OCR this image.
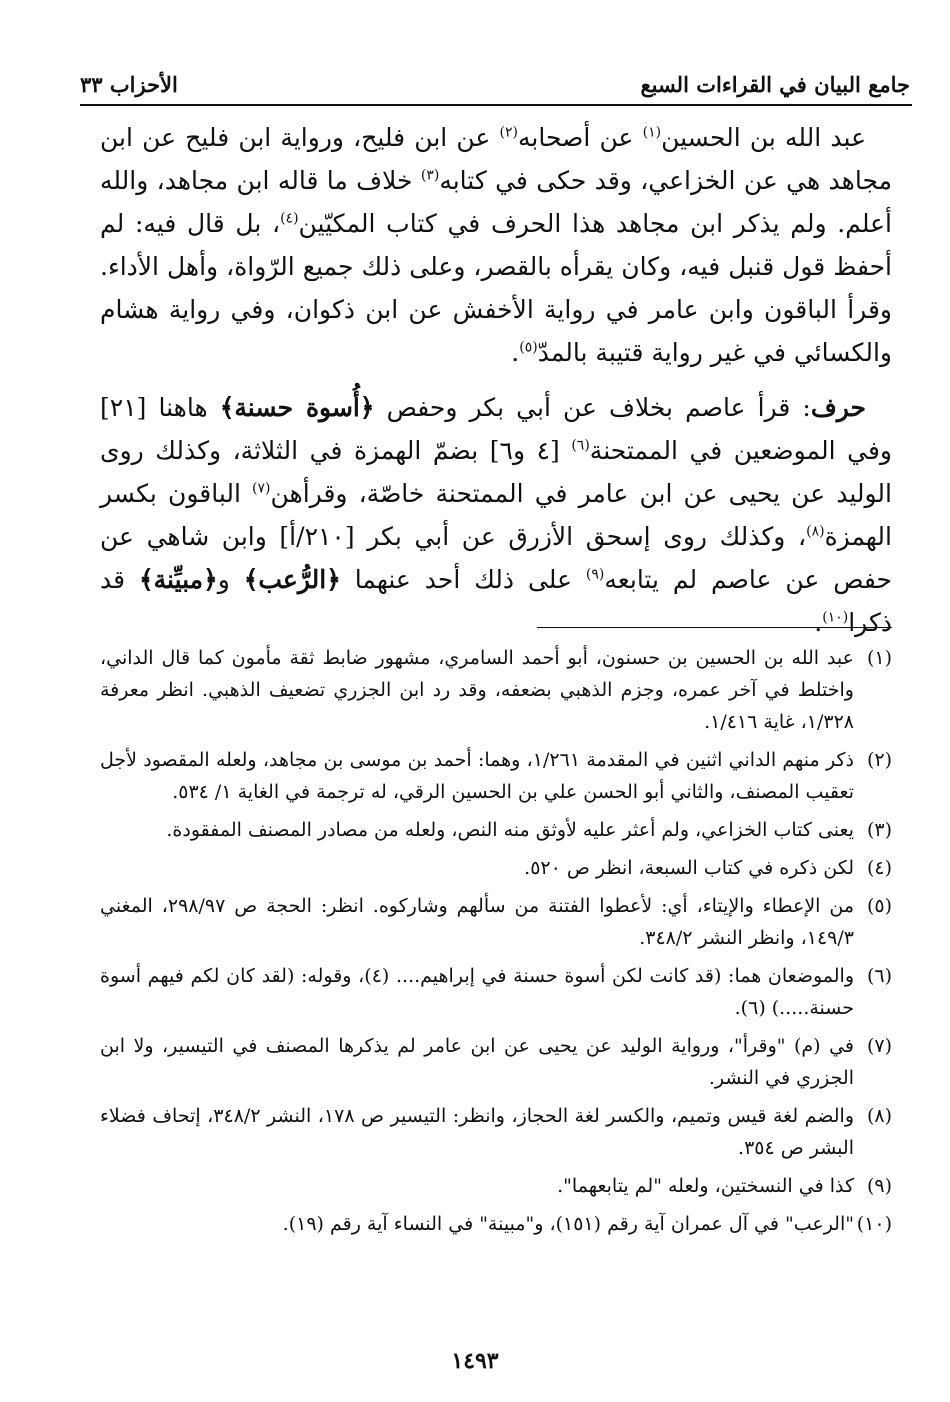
جامع البيان في القراءات السبع
الأحزاب ٣٣

عبد الله بن الحسين$^{(١)}$ عن أصحابه$^{(٢)}$ عن ابن فليح، ورواية ابن فليح عن ابن مجاهد هي عن الخزاعي، وقد حكى في كتابه$^{(٣)}$ خلاف ما قاله ابن مجاهد، والله أعلم. ولم يذكر ابن مجاهد هذا الحرف في كتاب المكيّين$^{(٤)}$، بل قال فيه: لم أحفظ قول قنبل فيه، وكان يقرأه بالقصر، وعلى ذلك جميع الرّواة، وأهل الأداء. وقرأ الباقون وابن عامر في رواية الأخفش عن ابن ذكوان، وفي رواية هشام والكسائي في غير رواية قتيبة بالمدّ$^{(٥)}$.

حرف: قرأ عاصم بخلاف عن أبي بكر وحفص ﴿أُسوة حسنة﴾ هاهنا [٢١] وفي الموضعين في الممتحنة$^{(٦)}$ [٤ و٦] بضمّ الهمزة في الثلاثة، وكذلك روى الوليد عن يحيى عن ابن عامر في الممتحنة خاصّة، وقرأهن$^{(٧)}$ الباقون بكسر الهمزة$^{(٨)}$، وكذلك روى إسحق الأزرق عن أبي بكر [٢١٠/أ] وابن شاهي عن حفص عن عاصم لم يتابعه$^{(٩)}$ على ذلك أحد عنهما ﴿الرُّعب﴾ و﴿مبيِّنة﴾ قد ذكرا$^{(١٠)}$.

(١)
عبد الله بن الحسين بن حسنون، أبو أحمد السامري، مشهور ضابط ثقة مأمون كما قال الداني، واختلط في آخر عمره، وجزم الذهبي بضعفه، وقد رد ابن الجزري تضعيف الذهبي. انظر معرفة ١/٣٢٨، غاية ١/٤١٦.
(٢)
ذكر منهم الداني اثنين في المقدمة ١/٢٦١، وهما: أحمد بن موسى بن مجاهد، ولعله المقصود لأجل تعقيب المصنف، والثاني أبو الحسن علي بن الحسين الرقي، له ترجمة في الغاية ١/ ٥٣٤.
(٣)
يعنى كتاب الخزاعي، ولم أعثر عليه لأوثق منه النص، ولعله من مصادر المصنف المفقودة.
(٤)
لكن ذكره في كتاب السبعة، انظر ص ٥٢٠.
(٥)
من الإعطاء والإيتاء، أي: لأعطوا الفتنة من سألهم وشاركوه. انظر: الحجة ص ٢٩٨/٩٧، المغني ١٤٩/٣، وانظر النشر ٣٤٨/٢.
(٦)
والموضعان هما: (قد كانت لكن أسوة حسنة في إبراهيم.... (٤)، وقوله: (لقد كان لكم فيهم أسوة حسنة.....) (٦).
(٧)
في (م) "وقرأ"، ورواية الوليد عن يحيى عن ابن عامر لم يذكرها المصنف في التيسير، ولا ابن الجزري في النشر.
(٨)
والضم لغة قيس وتميم، والكسر لغة الحجاز، وانظر: التيسير ص ١٧٨، النشر ٣٤٨/٢، إتحاف فضلاء البشر ص ٣٥٤.
(٩)
كذا في النسختين، ولعله "لم يتابعهما".
(١٠)
"الرعب" في آل عمران آية رقم (١٥١)، و"مبينة" في النساء آية رقم (١٩).
١٤٩٣
